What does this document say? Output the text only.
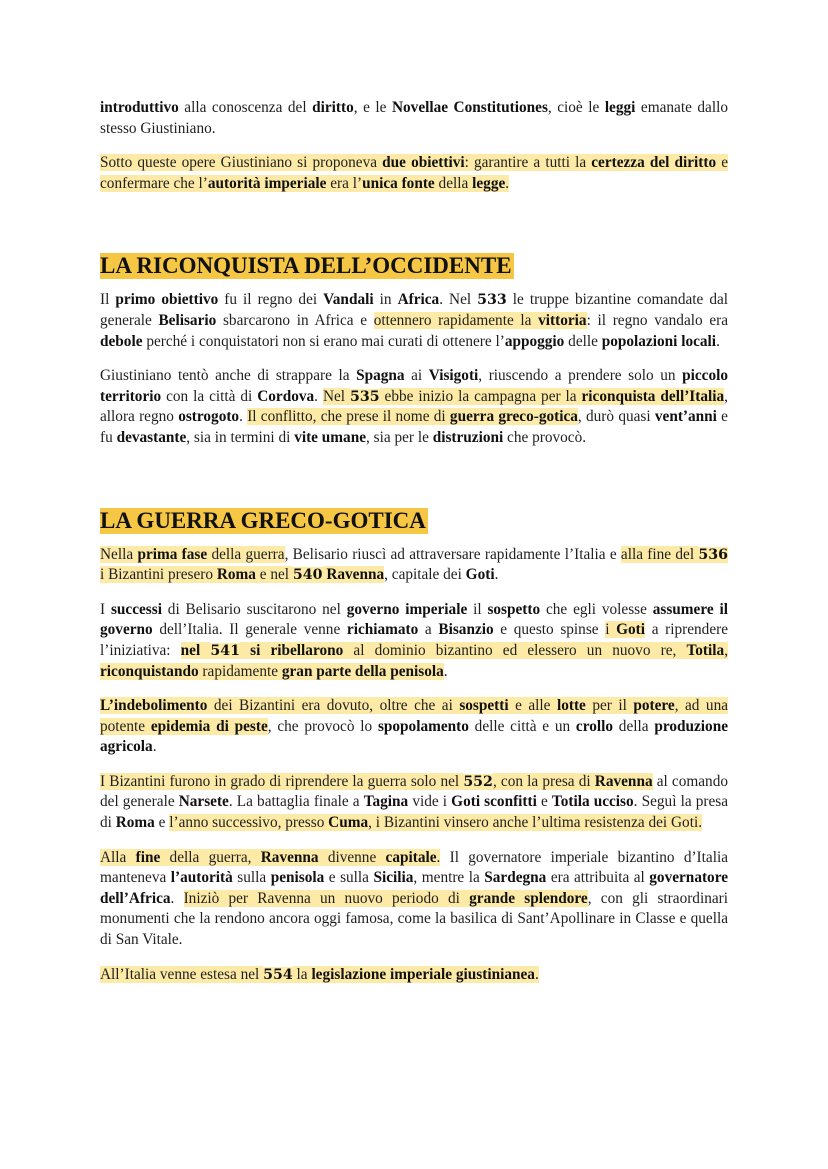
introduttivo alla conoscenza del diritto, e le Novellae Constitutiones, cioè le leggi emanate dallo stesso Giustiniano.

Sotto queste opere Giustiniano si proponeva due obiettivi: garantire a tutti la certezza del diritto e confermare che l’autorità imperiale era l’unica fonte della legge.

LA RICONQUISTA DELL’OCCIDENTE

Il primo obiettivo fu il regno dei Vandali in Africa. Nel 533 le truppe bizantine comandate dal generale Belisario sbarcarono in Africa e ottennero rapidamente la vittoria: il regno vandalo era debole perché i conquistatori non si erano mai curati di ottenere l’appoggio delle popolazioni locali.

Giustiniano tentò anche di strappare la Spagna ai Visigoti, riuscendo a prendere solo un piccolo territorio con la città di Cordova. Nel 535 ebbe inizio la campagna per la riconquista dell’Italia, allora regno ostrogoto. Il conflitto, che prese il nome di guerra greco-gotica, durò quasi vent’anni e fu devastante, sia in termini di vite umane, sia per le distruzioni che provocò.

LA GUERRA GRECO-GOTICA

Nella prima fase della guerra, Belisario riuscì ad attraversare rapidamente l’Italia e alla fine del 536 i Bizantini presero Roma e nel 540 Ravenna, capitale dei Goti.

I successi di Belisario suscitarono nel governo imperiale il sospetto che egli volesse assumere il governo dell’Italia. Il generale venne richiamato a Bisanzio e questo spinse i Goti a riprendere l’iniziativa: nel 541 si ribellarono al dominio bizantino ed elessero un nuovo re, Totila, riconquistando rapidamente gran parte della penisola.

L’indebolimento dei Bizantini era dovuto, oltre che ai sospetti e alle lotte per il potere, ad una potente epidemia di peste, che provocò lo spopolamento delle città e un crollo della produzione agricola.

I Bizantini furono in grado di riprendere la guerra solo nel 552, con la presa di Ravenna al comando del generale Narsete. La battaglia finale a Tagina vide i Goti sconfitti e Totila ucciso. Seguì la presa di Roma e l’anno successivo, presso Cuma, i Bizantini vinsero anche l’ultima resistenza dei Goti.

Alla fine della guerra, Ravenna divenne capitale. Il governatore imperiale bizantino d’Italia manteneva l’autorità sulla penisola e sulla Sicilia, mentre la Sardegna era attribuita al governatore dell’Africa. Iniziò per Ravenna un nuovo periodo di grande splendore, con gli straordinari monumenti che la rendono ancora oggi famosa, come la basilica di Sant’Apollinare in Classe e quella di San Vitale.

All’Italia venne estesa nel 554 la legislazione imperiale giustinianea.
